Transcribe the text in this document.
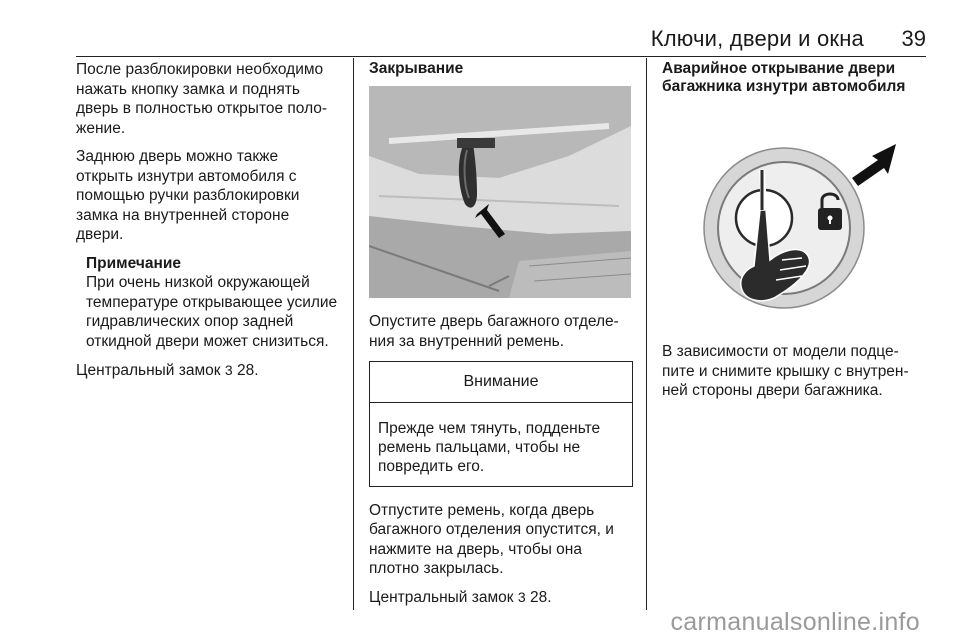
Ключи, двери и окна 39

После разблокировки необходимо нажать кнопку замка и поднять дверь в полностью открытое поло-жение.

Заднюю дверь можно также открыть изнутри автомобиля с помощью ручки разблокировки замка на внутренней стороне двери.

Примечание
При очень низкой окружающей температуре открывающее усилие гидравлических опор задней откидной двери может снизиться.

Центральный замок 3 28.

Закрывание

Опустите дверь багажного отделе-ния за внутренний ремень.

Внимание
Прежде чем тянуть, подденьте ремень пальцами, чтобы не повредить его.

Отпустите ремень, когда дверь багажного отделения опустится, и нажмите на дверь, чтобы она плотно закрылась.

Центральный замок 3 28.

Аварийное открывание двери багажника изнутри автомобиля

В зависимости от модели подце-пите и снимите крышку с внутрен-ней стороны двери багажника.

carmanualsonline.info
